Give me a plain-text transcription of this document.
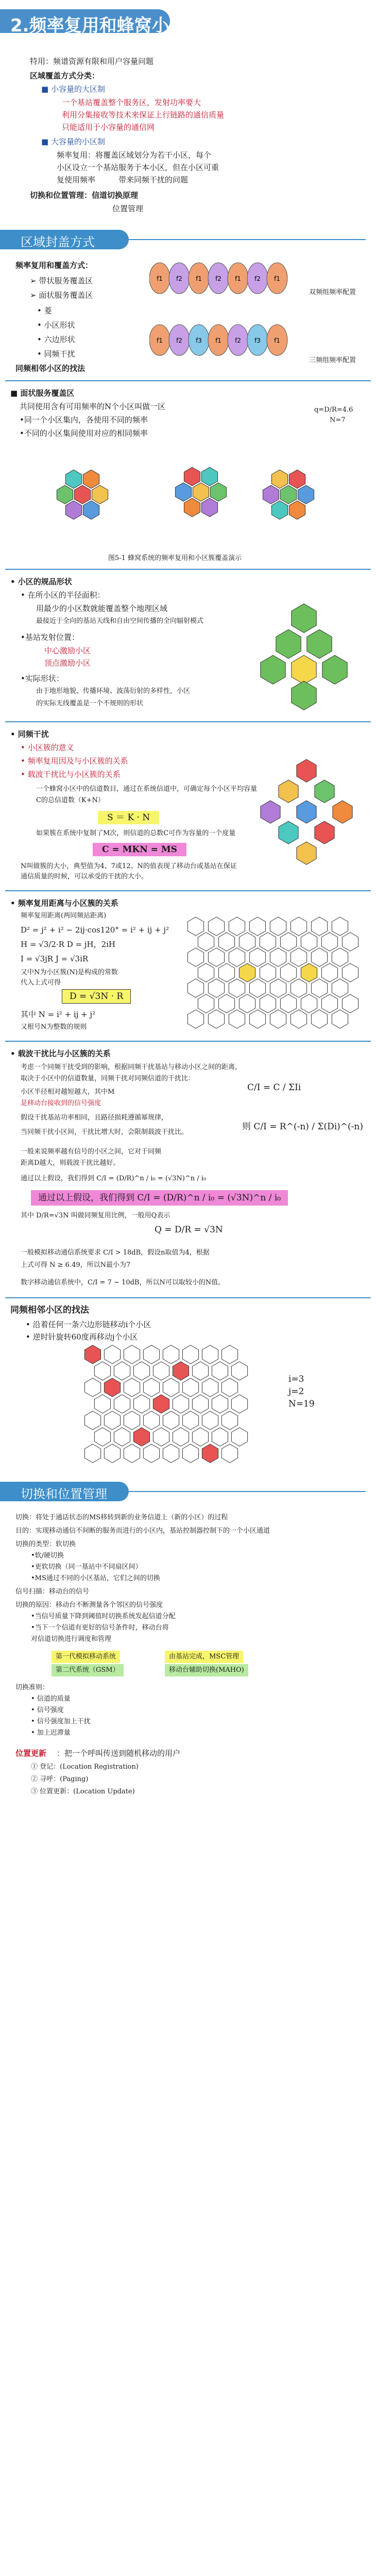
2.频率复用和蜂窝小区
特用：频谱资源有限和用户容量问题
区域覆盖方式分类：
■ 小容量的大区制
一个基站覆盖整个服务区，发射功率要大
利用分集接收等技术来保证上行链路的通信质量
只能适用于小容量的通信网
■ 大容量的小区制
频率复用：将覆盖区域划分为若干小区，每个
小区设立一个基站服务于本小区，但在小区可重
复使用频率　　　带来同频干扰的问题
切换和位置管理：信道切换原理
位置管理
区域封盖方式
频率复用和覆盖方式：
➢ 带状服务覆盖区
➢ 面状服务覆盖区
• 菱
• 小区形状
• 六边形状
• 同频干扰
同频相邻小区的找法
f1 f2 f1 f2 f1 f2 f1
f1 f2 f3 f1 f2 f3 f1
双频组频率配置
三频组频率配置
■ 面状服务覆盖区
共同使用含有可用频率的N个小区叫做一区
•同一个小区集内，各使用不同的频率
•不同的小区集间使用对应的相同频率
q=D/R=4.6
N=7
图5-1 蜂窝系统的频率复用和小区簇覆盖演示
• 小区的规品形状
• 在所小区的半径面积：
用最少的小区数就能覆盖整个地理区域
最接近于全向的基站天线和自由空间传播的全向辐射模式
•基站发射位置：
中心激励小区
顶点激励小区
•实际形状：
由于地形地貌、传播环境、波荡衍射的多样性，小区
的实际无线覆盖是一个不规则的形状
• 同频干扰
• 小区簇的意义
• 频率复用因及与小区簇的关系
• 载波干扰比与小区簇的关系
一个蜂窝小区中的信道数目，通过在系统信道中，可确定每个小区平均容量
C的总信道数（K+N）
S ＝ K · N
如果簇在系统中复制了M次，则信道的总数C可作为容量的一个度量
C = MKN = MS
N叫做簇的大小，典型值为4、7或12。N的值表现了移动台或基站在保证通信质量的时候，可以承受的干扰的大小。
• 频率复用距离与小区簇的关系
频率复用距离(两同频站距离)
D² = j² + i² − 2ij·cos120° = i² + ij + j²
H = √3/2·R D = jH，2iH
I = √3jR J = √3iR
又中N为小区簇(N)是构成的常数
代入上式可得
D = √3N · R
其中 N = i² + ij + j²
又根号N为整数的规则
• 载波干扰比与小区簇的关系
考虑一个同频干扰受到的影响，根据同频干扰基站与移动小区之间的距离，
取决于小区中的信道数量，同频干扰对同频信道的干扰比：
C/I = C / ΣIi
小区半径相对越短越大，其中M
是移动台接收到的信号强度
假设干扰基站功率相同，且路径损耗遵循幂规律，
则 C/I = R^(-n) / Σ(Di)^(-n)
当同频干扰小区间，干扰比增大时，会限制载波干扰比。
一般来说频率越有信号的小区之间，它对于同频
距离D越大，则载波干扰比越好。
通过以上假设，我们得到 C/I = (D/R)^n / i₀ = (√3N)^n / i₀
通过以上假设，我们得到 C/I = (D/R)^n / i₀ = (√3N)^n / i₀
其中 D/R=√3N 叫做同频复用比例，一般用Q表示
Q = D/R = √3N
一般模拟移动通信系统要求 C/I > 18dB，假设n取值为4，根据
上式可得 N ≥ 6.49，所以N最小为7
数字移动通信系统中，C/I = 7 ~ 10dB，所以N可以取较小的N值。
同频相邻小区的找法
• 沿着任何一条六边形链移动i个小区
• 逆时针旋转60度再移动j个小区
i=3
j=2
N=19
切换和位置管理
切换：将处于通话状态的MS移转到新的业务信道上（新的小区）的过程
目的：实现移动通信不间断的服务而进行的小区内，基站控制器控制下的一个小区通道
切换的类型：软切换
•软/硬切换
•更软切换（同一基站中不同扇区间）
•MS通过不同的小区基站，它们之间的切换
信号扫描：移动台的信号
切换的原因：移动台不断测量各个邻区的信号强度
•当信号质量下降到阈值时切换系统发起信道分配
•当下一个信道有更好的信号条件时，移动台将
对信道切换进行调度和管理
第一代模拟移动系统	由基站完成，MSC管理
第二代系统（GSM）	移动台辅助切换(MAHO)
切换准则：
• 信道的质量
• 信号强度
• 信号强度加上干扰
• 加上迟滞量
位置更新 ：把一个呼叫传送到随机移动的用户
① 登记：(Location Registration)
② 寻呼：(Paging)
③ 位置更新：(Location Update)
